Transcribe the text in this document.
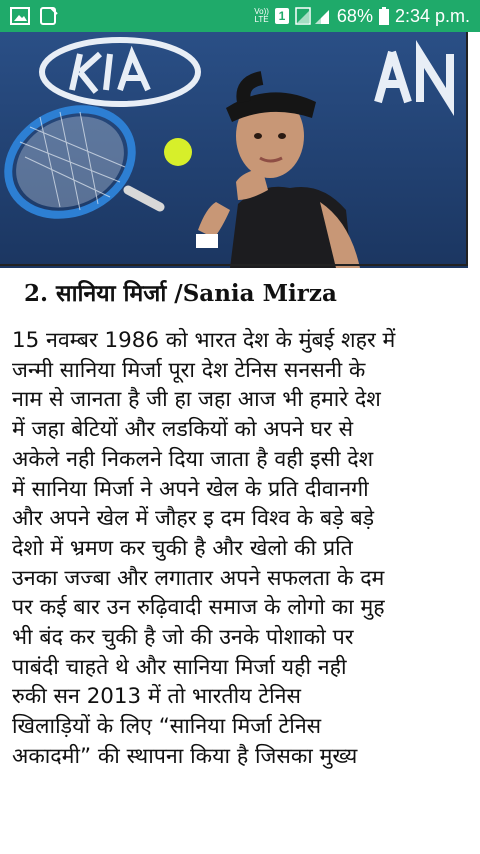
Vo))
LTE 1	68% 2:34 p.m.
2. सानिया मिर्जा /Sania Mirza
15 नवम्बर 1986 को भारत देश के मुंबई शहर में
जन्मी सानिया मिर्जा पूरा देश टेनिस सनसनी के
नाम से जानता है जी हा जहा आज भी हमारे देश
में जहा बेटियों और लडकियों को अपने घर से
अकेले नही निकलने दिया जाता है वही इसी देश
में सानिया मिर्जा ने अपने खेल के प्रति दीवानगी
और अपने खेल में जौहर इ दम विश्व के बड़े बड़े
देशो में भ्रमण कर चुकी है और खेलो की प्रति
उनका जज्बा और लगातार अपने सफलता के दम
पर कई बार उन रुढ़िवादी समाज के लोगो का मुह
भी बंद कर चुकी है जो की उनके पोशाको पर
पाबंदी चाहते थे और सानिया मिर्जा यही नही
रुकी सन 2013 में तो भारतीय टेनिस
खिलाड़ियों के लिए “सानिया मिर्जा टेनिस
अकादमी” की स्थापना किया है जिसका मुख्य
